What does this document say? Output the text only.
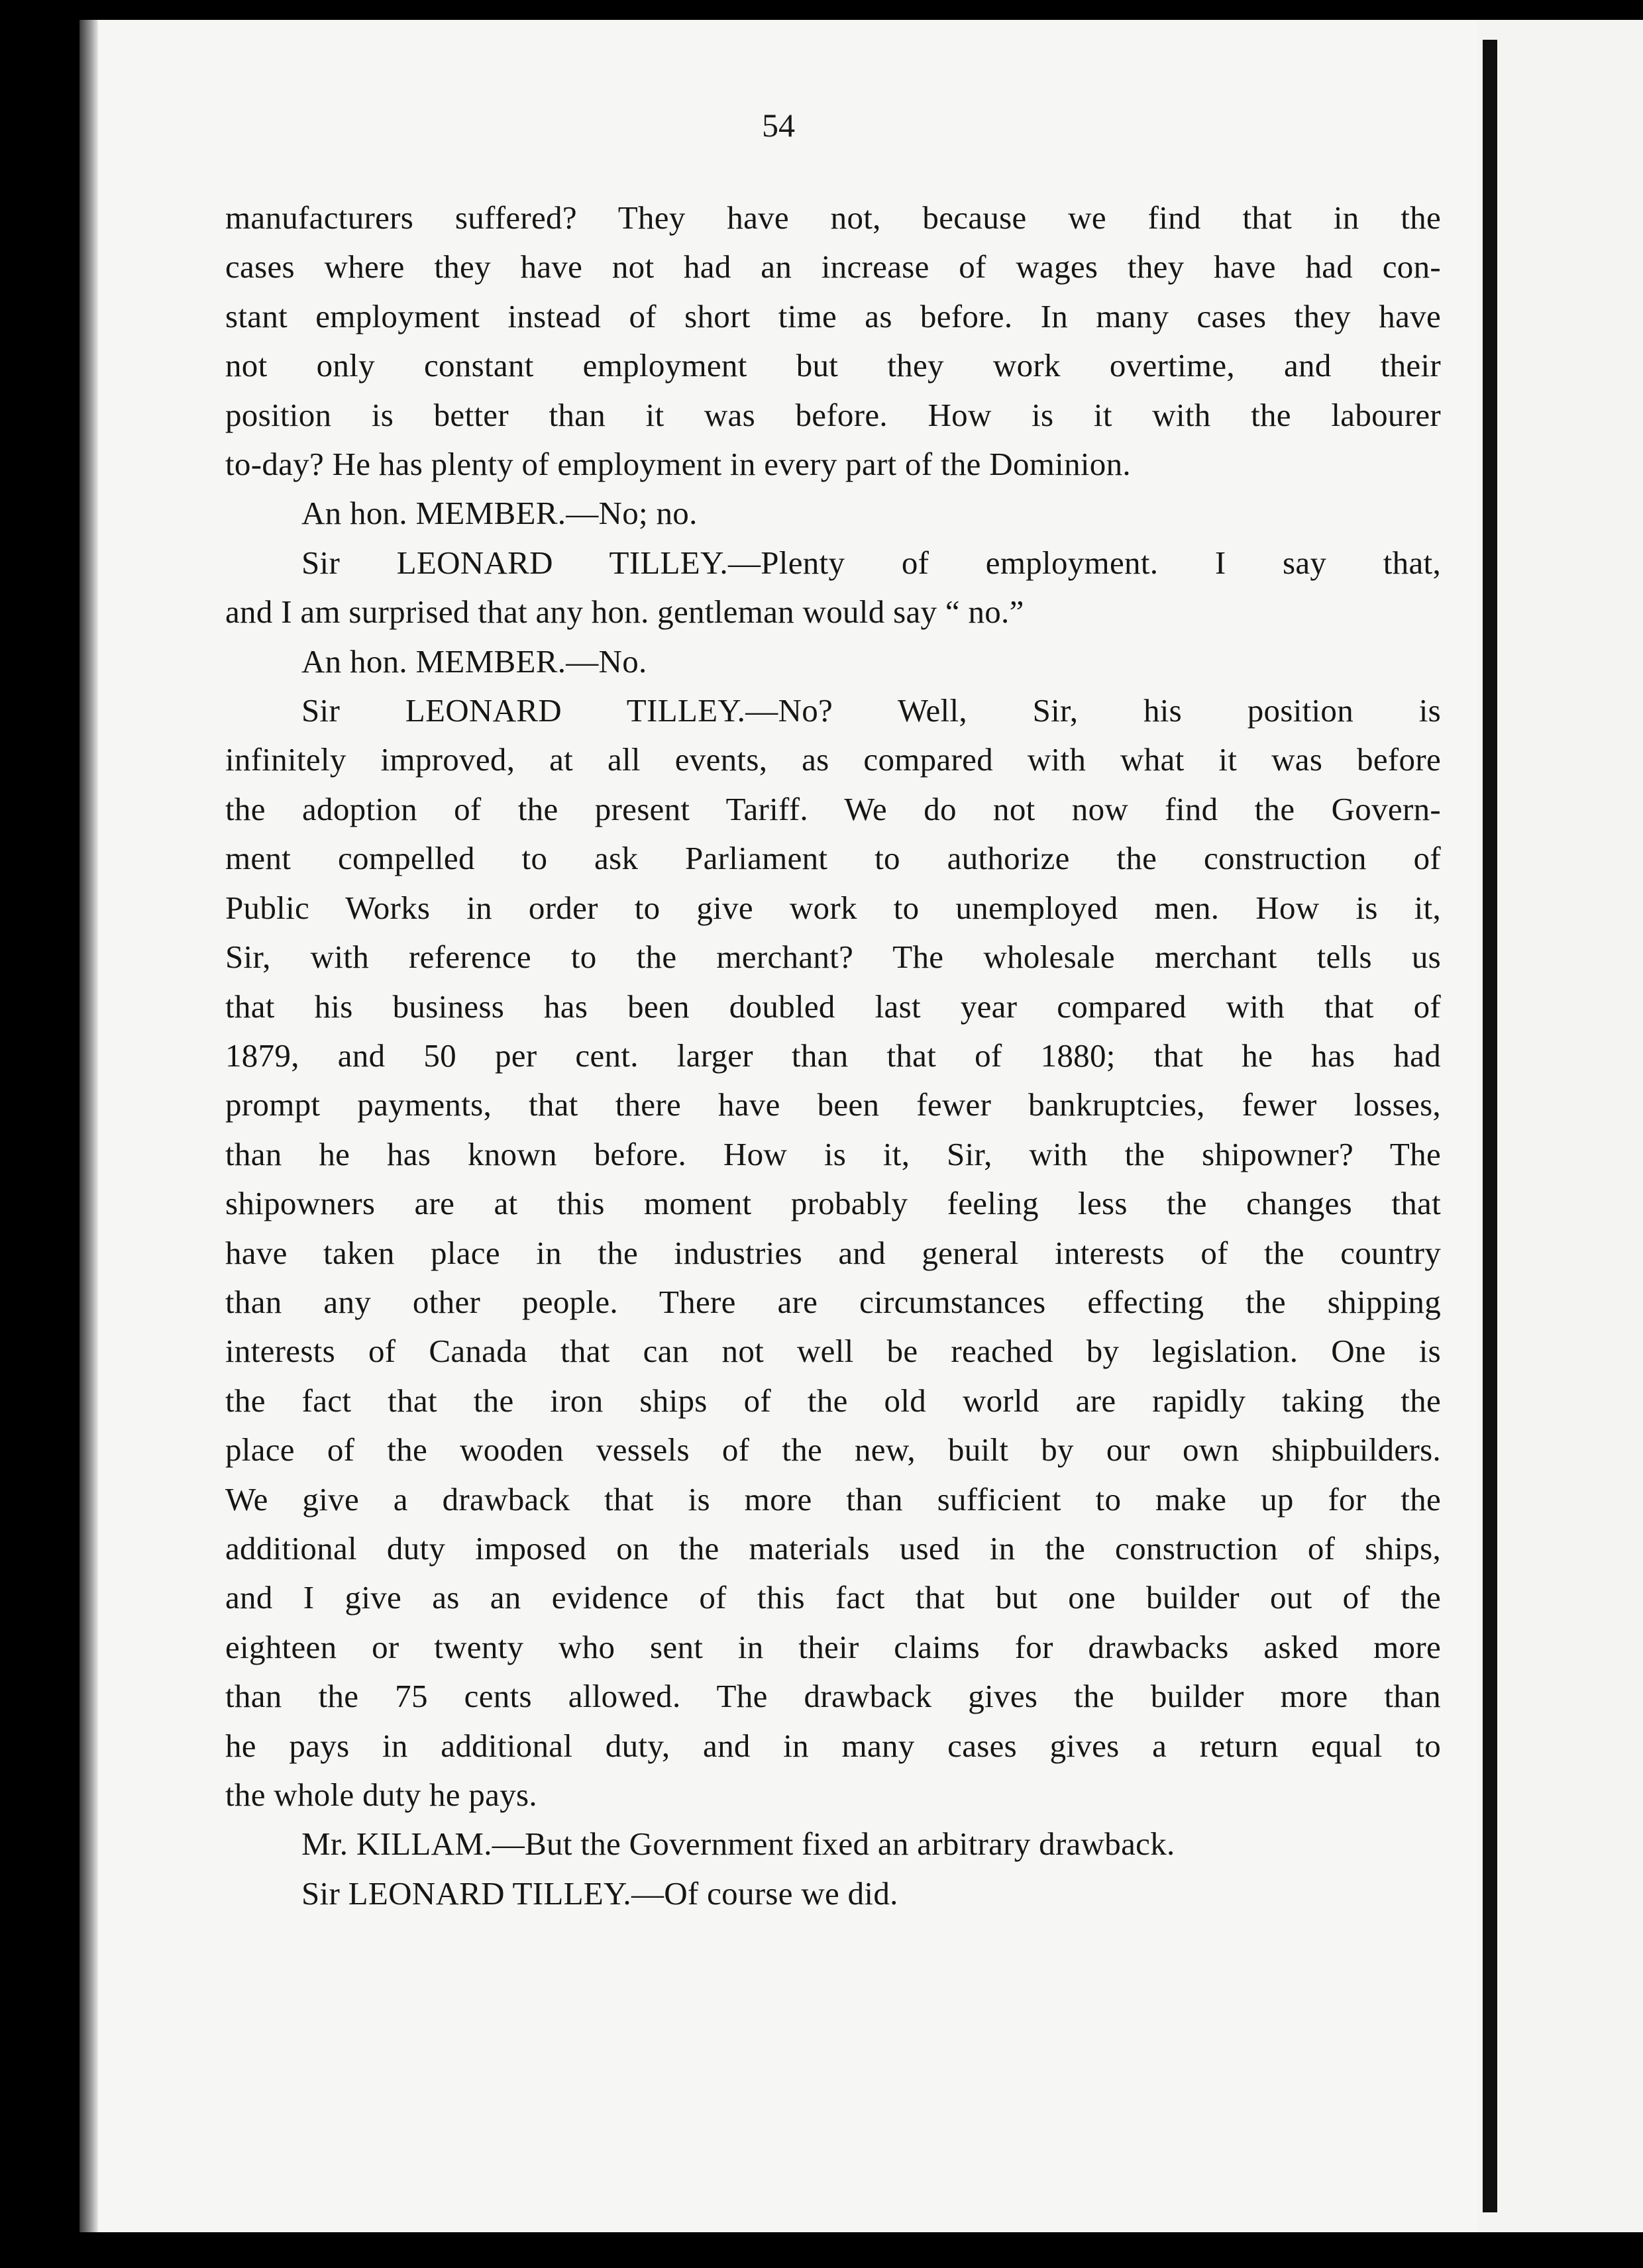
54
manufacturers suffered? They have not, because we find that in the
cases where they have not had an increase of wages they have had con-
stant employment instead of short time as before. In many cases they have
not only constant employment but they work overtime, and their
position is better than it was before. How is it with the labourer
to-day? He has plenty of employment in every part of the Dominion.
An hon. MEMBER.—No; no.
Sir LEONARD TILLEY.—Plenty of employment. I say that,
and I am surprised that any hon. gentleman would say “ no.”
An hon. MEMBER.—No.
Sir LEONARD TILLEY.—No? Well, Sir, his position is
infinitely improved, at all events, as compared with what it was before
the adoption of the present Tariff. We do not now find the Govern-
ment compelled to ask Parliament to authorize the construction of
Public Works in order to give work to unemployed men. How is it,
Sir, with reference to the merchant? The wholesale merchant tells us
that his business has been doubled last year compared with that of
1879, and 50 per cent. larger than that of 1880; that he has had
prompt payments, that there have been fewer bankruptcies, fewer losses,
than he has known before. How is it, Sir, with the shipowner? The
shipowners are at this moment probably feeling less the changes that
have taken place in the industries and general interests of the country
than any other people. There are circumstances effecting the shipping
interests of Canada that can not well be reached by legislation. One is
the fact that the iron ships of the old world are rapidly taking the
place of the wooden vessels of the new, built by our own shipbuilders.
We give a drawback that is more than sufficient to make up for the
additional duty imposed on the materials used in the construction of ships,
and I give as an evidence of this fact that but one builder out of the
eighteen or twenty who sent in their claims for drawbacks asked more
than the 75 cents allowed. The drawback gives the builder more than
he pays in additional duty, and in many cases gives a return equal to
the whole duty he pays.
Mr. KILLAM.—But the Government fixed an arbitrary drawback.
Sir LEONARD TILLEY.—Of course we did.
